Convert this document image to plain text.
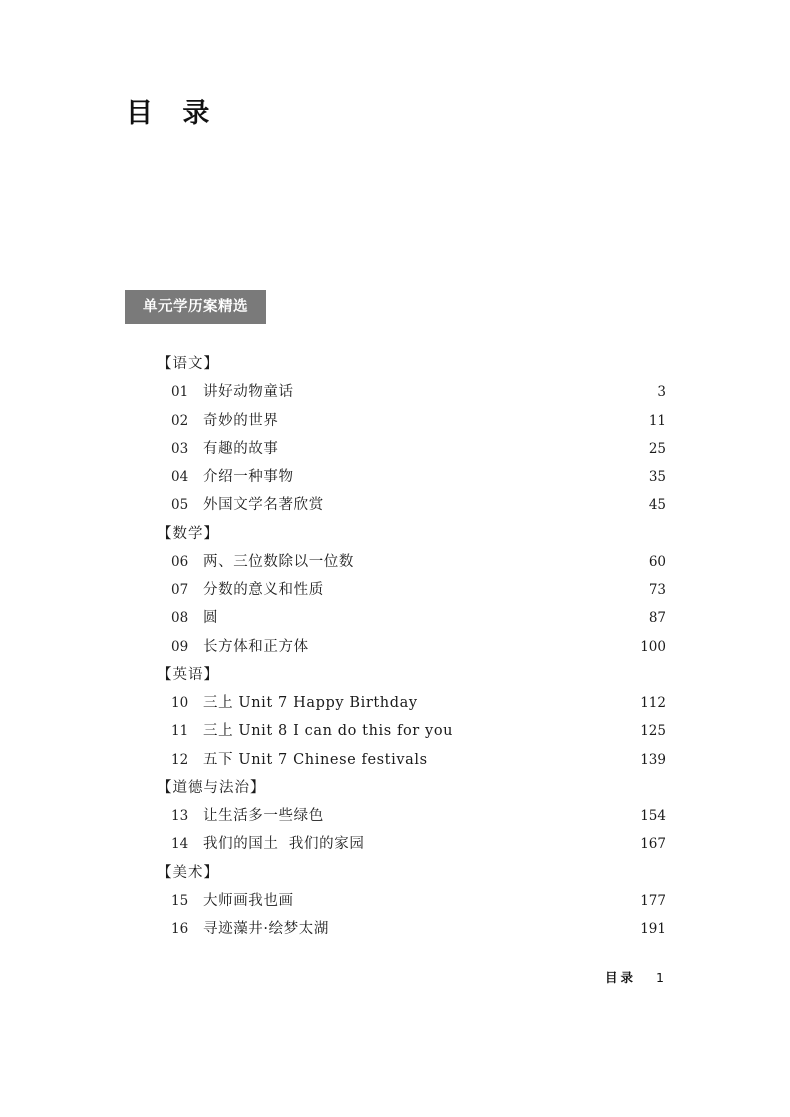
目 录
单元学历案精选
【语文】
01	讲好动物童话	3
02	奇妙的世界	11
03	有趣的故事	25
04	介绍一种事物	35
05	外国文学名著欣赏	45
【数学】
06	两、三位数除以一位数	60
07	分数的意义和性质	73
08	圆	87
09	长方体和正方体	100
【英语】
10	三上 Unit 7 Happy Birthday	112
11	三上 Unit 8 I can do this for you	125
12	五下 Unit 7 Chinese festivals	139
【道德与法治】
13	让生活多一些绿色	154
14	我们的国土  我们的家园	167
【美术】
15	大师画我也画	177
16	寻迹藻井·绘梦太湖	191
目录 1
